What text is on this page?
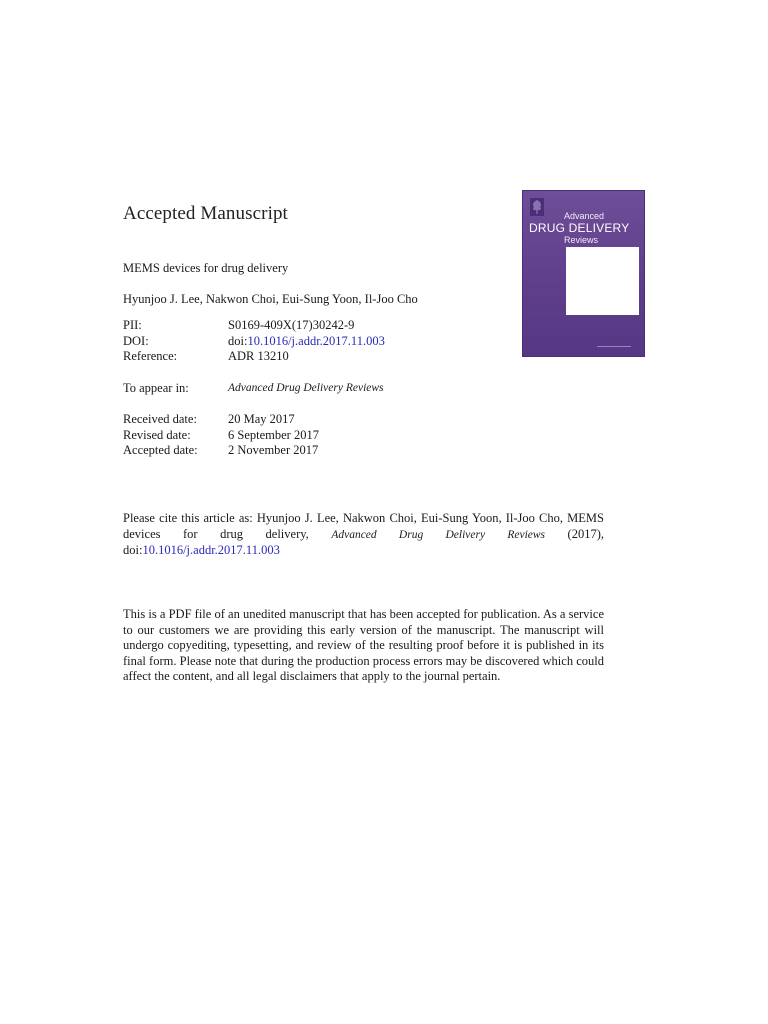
Accepted Manuscript
MEMS devices for drug delivery
Hyunjoo J. Lee, Nakwon Choi, Eui-Sung Yoon, Il-Joo Cho
PII:	S0169-409X(17)30242-9
DOI:	doi:10.1016/j.addr.2017.11.003
Reference:	ADR 13210
To appear in:	Advanced Drug Delivery Reviews
Received date:	20 May 2017
Revised date:	6 September 2017
Accepted date:	2 November 2017
Please cite this article as: Hyunjoo J. Lee, Nakwon Choi, Eui-Sung Yoon, Il-Joo Cho, MEMS devices for drug delivery, Advanced Drug Delivery Reviews (2017), doi:10.1016/j.addr.2017.11.003
This is a PDF file of an unedited manuscript that has been accepted for publication. As a service to our customers we are providing this early version of the manuscript. The manuscript will undergo copyediting, typesetting, and review of the resulting proof before it is published in its final form. Please note that during the production process errors may be discovered which could affect the content, and all legal disclaimers that apply to the journal pertain.
Advanced
DRUG DELIVERY
Reviews
